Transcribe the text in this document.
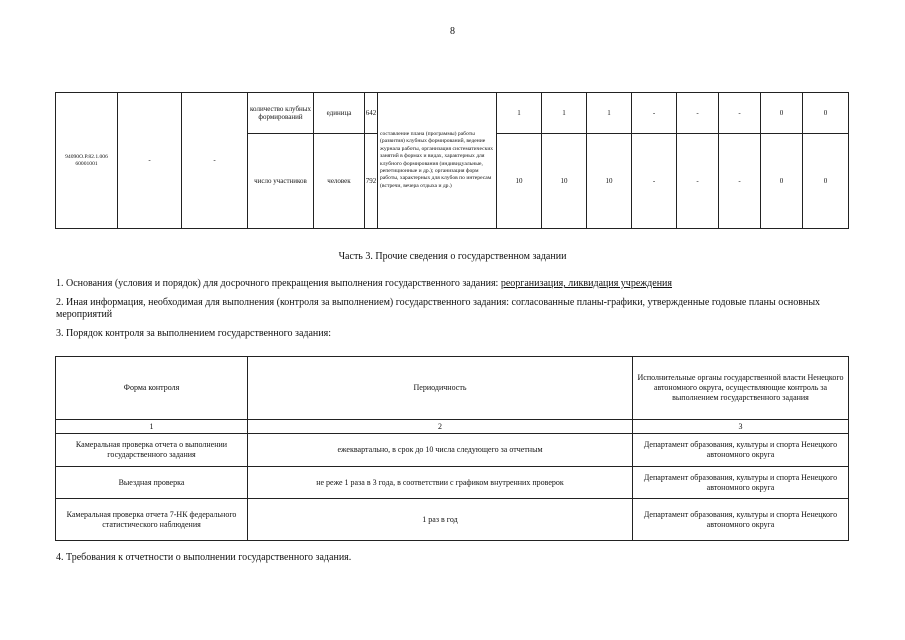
8
94090О.Р.82.1.006 60001001	-	-	количество клубных формирований	единица	642	составление плана (программы) работы (развития) клубных формирований, ведение журнала работы, организация систематических занятий в формах и видах, характерных для клубного формирования (индивидуальные, репетиционные и др.); организация форм работы, характерных для клубов по интересам (встречи, вечера отдыха и др.)	1	1	1	-	-	-	0	0
			число участников	человек	792		10	10	10	-	-	-	0	0
Часть 3. Прочие сведения о государственном задании
1. Основания (условия и порядок) для досрочного прекращения выполнения государственного задания: реорганизация, ликвидация учреждения
2. Иная информация, необходимая для выполнения (контроля за выполнением) государственного задания: согласованные планы-графики, утвержденные годовые планы основных мероприятий
3. Порядок контроля за выполнением государственного задания:
Форма контроля	Периодичность	Исполнительные органы государственной власти Ненецкого автономного округа, осуществляющие контроль за выполнением государственного задания
1	2	3
Камеральная проверка отчета о выполнении государственного задания	ежеквартально, в срок до 10 числа следующего за отчетным	Департамент образования, культуры и спорта Ненецкого автономного округа
Выездная проверка	не реже 1 раза в 3 года, в соответствии с графиком внутренних проверок	Департамент образования, культуры и спорта Ненецкого автономного округа
Камеральная проверка отчета 7-НК федерального статистического наблюдения	1 раз в год	Департамент образования, культуры и спорта Ненецкого автономного округа
4. Требования к отчетности о выполнении государственного задания.
